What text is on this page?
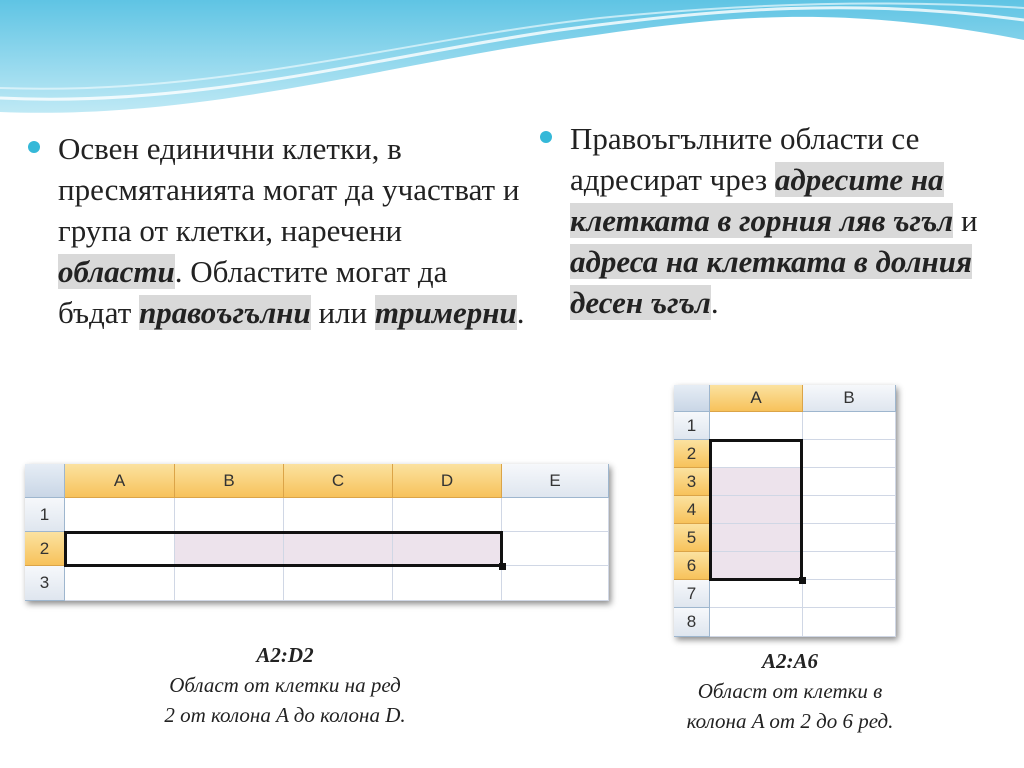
Освен единични клетки, в пресмятанията могат да участват и група от клетки, наречени области. Областите могат да бъдат правоъгълни или тримерни.
Правоъгълните области се адресират чрез адресите на клетката в горния ляв ъгъл и адреса на клетката в долния десен ъгъл.
A	B	C	D	E
1
2
3
A	B
1
2
3
4
5
6
7
8
A2:D2
Област от клетки на ред
2 от колона A до колона D.
A2:A6
Област от клетки в
колона A от 2 до 6 ред.
